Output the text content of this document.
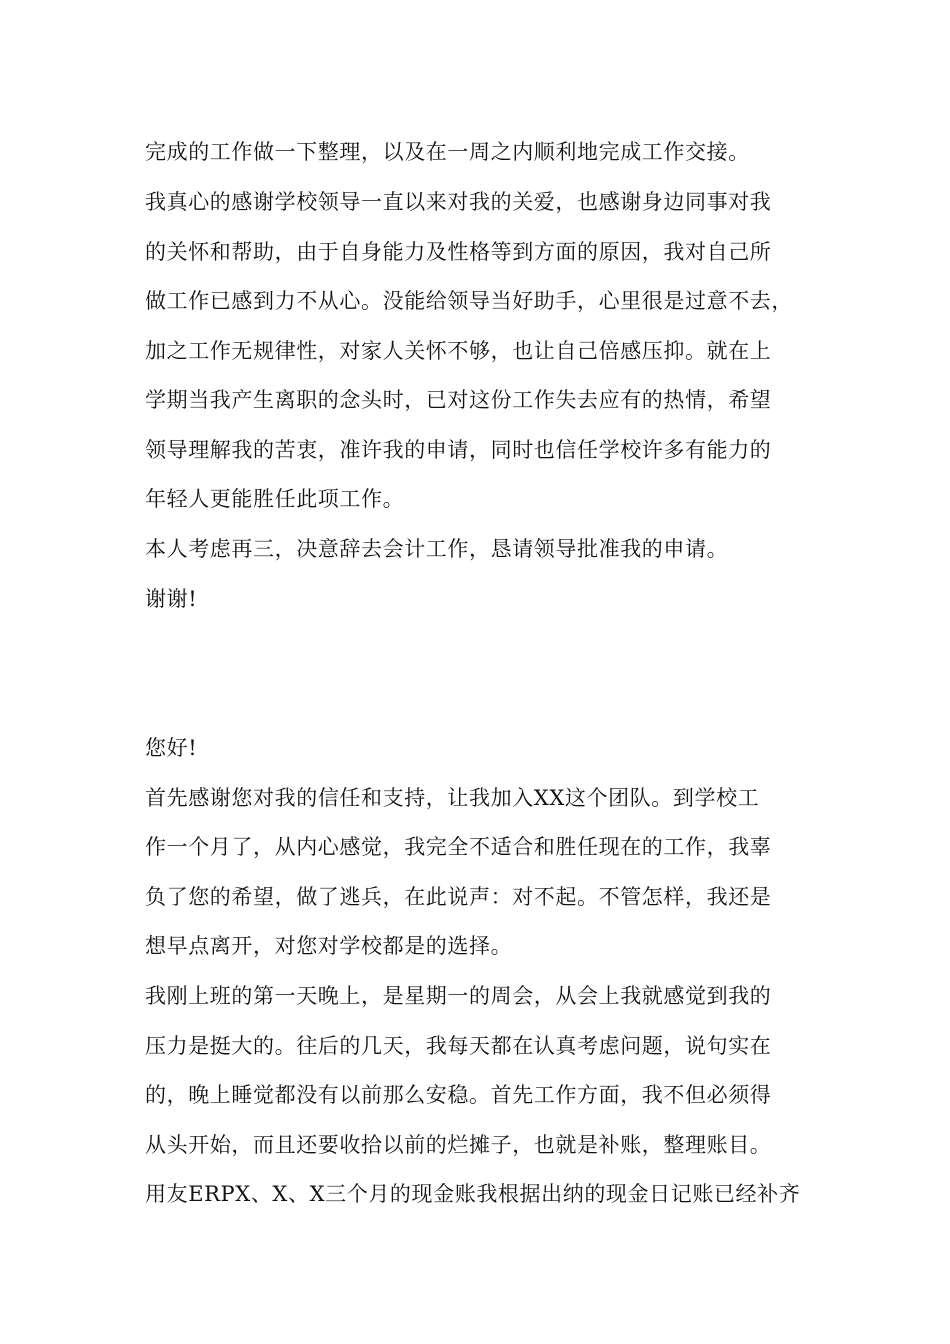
完成的工作做一下整理，以及在一周之内顺利地完成工作交接。
我真心的感谢学校领导一直以来对我的关爱，也感谢身边同事对我
的关怀和帮助，由于自身能力及性格等到方面的原因，我对自己所
做工作已感到力不从心。没能给领导当好助手，心里很是过意不去，
加之工作无规律性，对家人关怀不够，也让自己倍感压抑。就在上
学期当我产生离职的念头时，已对这份工作失去应有的热情，希望
领导理解我的苦衷，准许我的申请，同时也信任学校许多有能力的
年轻人更能胜任此项工作。
本人考虑再三，决意辞去会计工作，恳请领导批准我的申请。
谢谢!
您好!
首先感谢您对我的信任和支持，让我加入XX这个团队。到学校工
作一个月了，从内心感觉，我完全不适合和胜任现在的工作，我辜
负了您的希望，做了逃兵，在此说声：对不起。不管怎样，我还是
想早点离开，对您对学校都是的选择。
我刚上班的第一天晚上，是星期一的周会，从会上我就感觉到我的
压力是挺大的。往后的几天，我每天都在认真考虑问题，说句实在
的，晚上睡觉都没有以前那么安稳。首先工作方面，我不但必须得
从头开始，而且还要收拾以前的烂摊子，也就是补账，整理账目。
用友ERPX、X、X三个月的现金账我根据出纳的现金日记账已经补齐
